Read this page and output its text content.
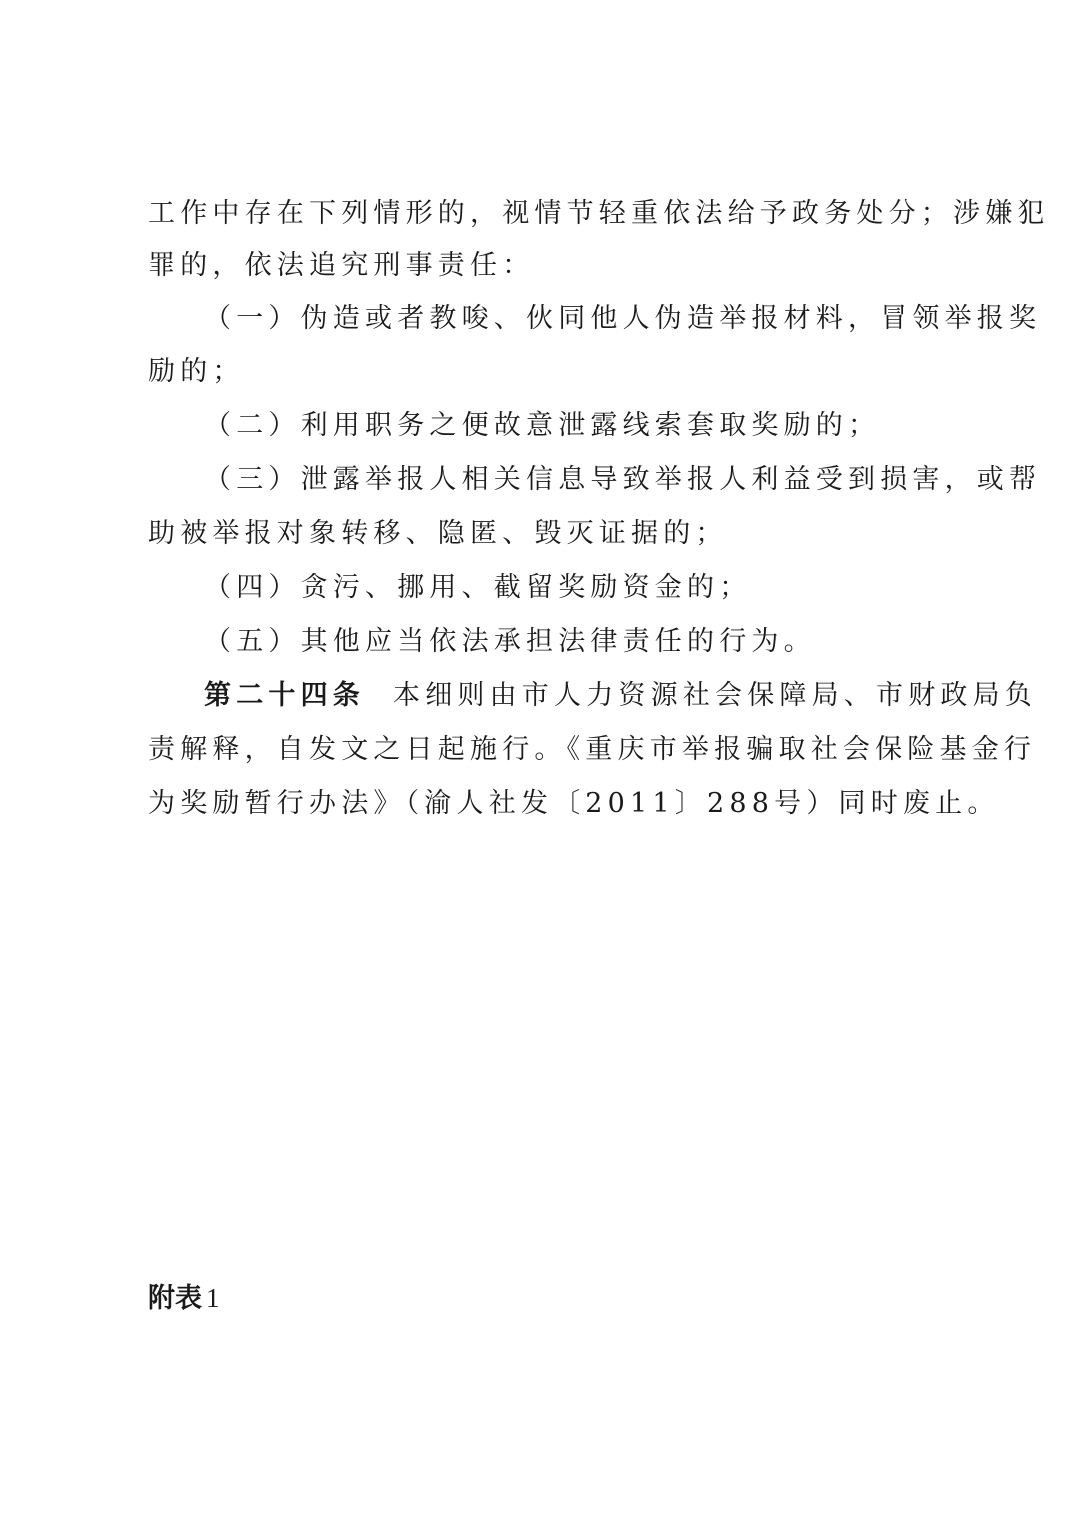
工作中存在下列情形的，视情节轻重依法给予政务处分；涉嫌犯
罪的，依法追究刑事责任：
（一）伪造或者教唆、伙同他人伪造举报材料，冒领举报奖
励的；
（二）利用职务之便故意泄露线索套取奖励的；
（三）泄露举报人相关信息导致举报人利益受到损害，或帮
助被举报对象转移、隐匿、毁灭证据的；
（四）贪污、挪用、截留奖励资金的；
（五）其他应当依法承担法律责任的行为。
第二十四条 本细则由市人力资源社会保障局、市财政局负
责解释，自发文之日起施行。《重庆市举报骗取社会保险基金行
为奖励暂行办法》（渝人社发〔2011〕288号）同时废止。
附表 1
